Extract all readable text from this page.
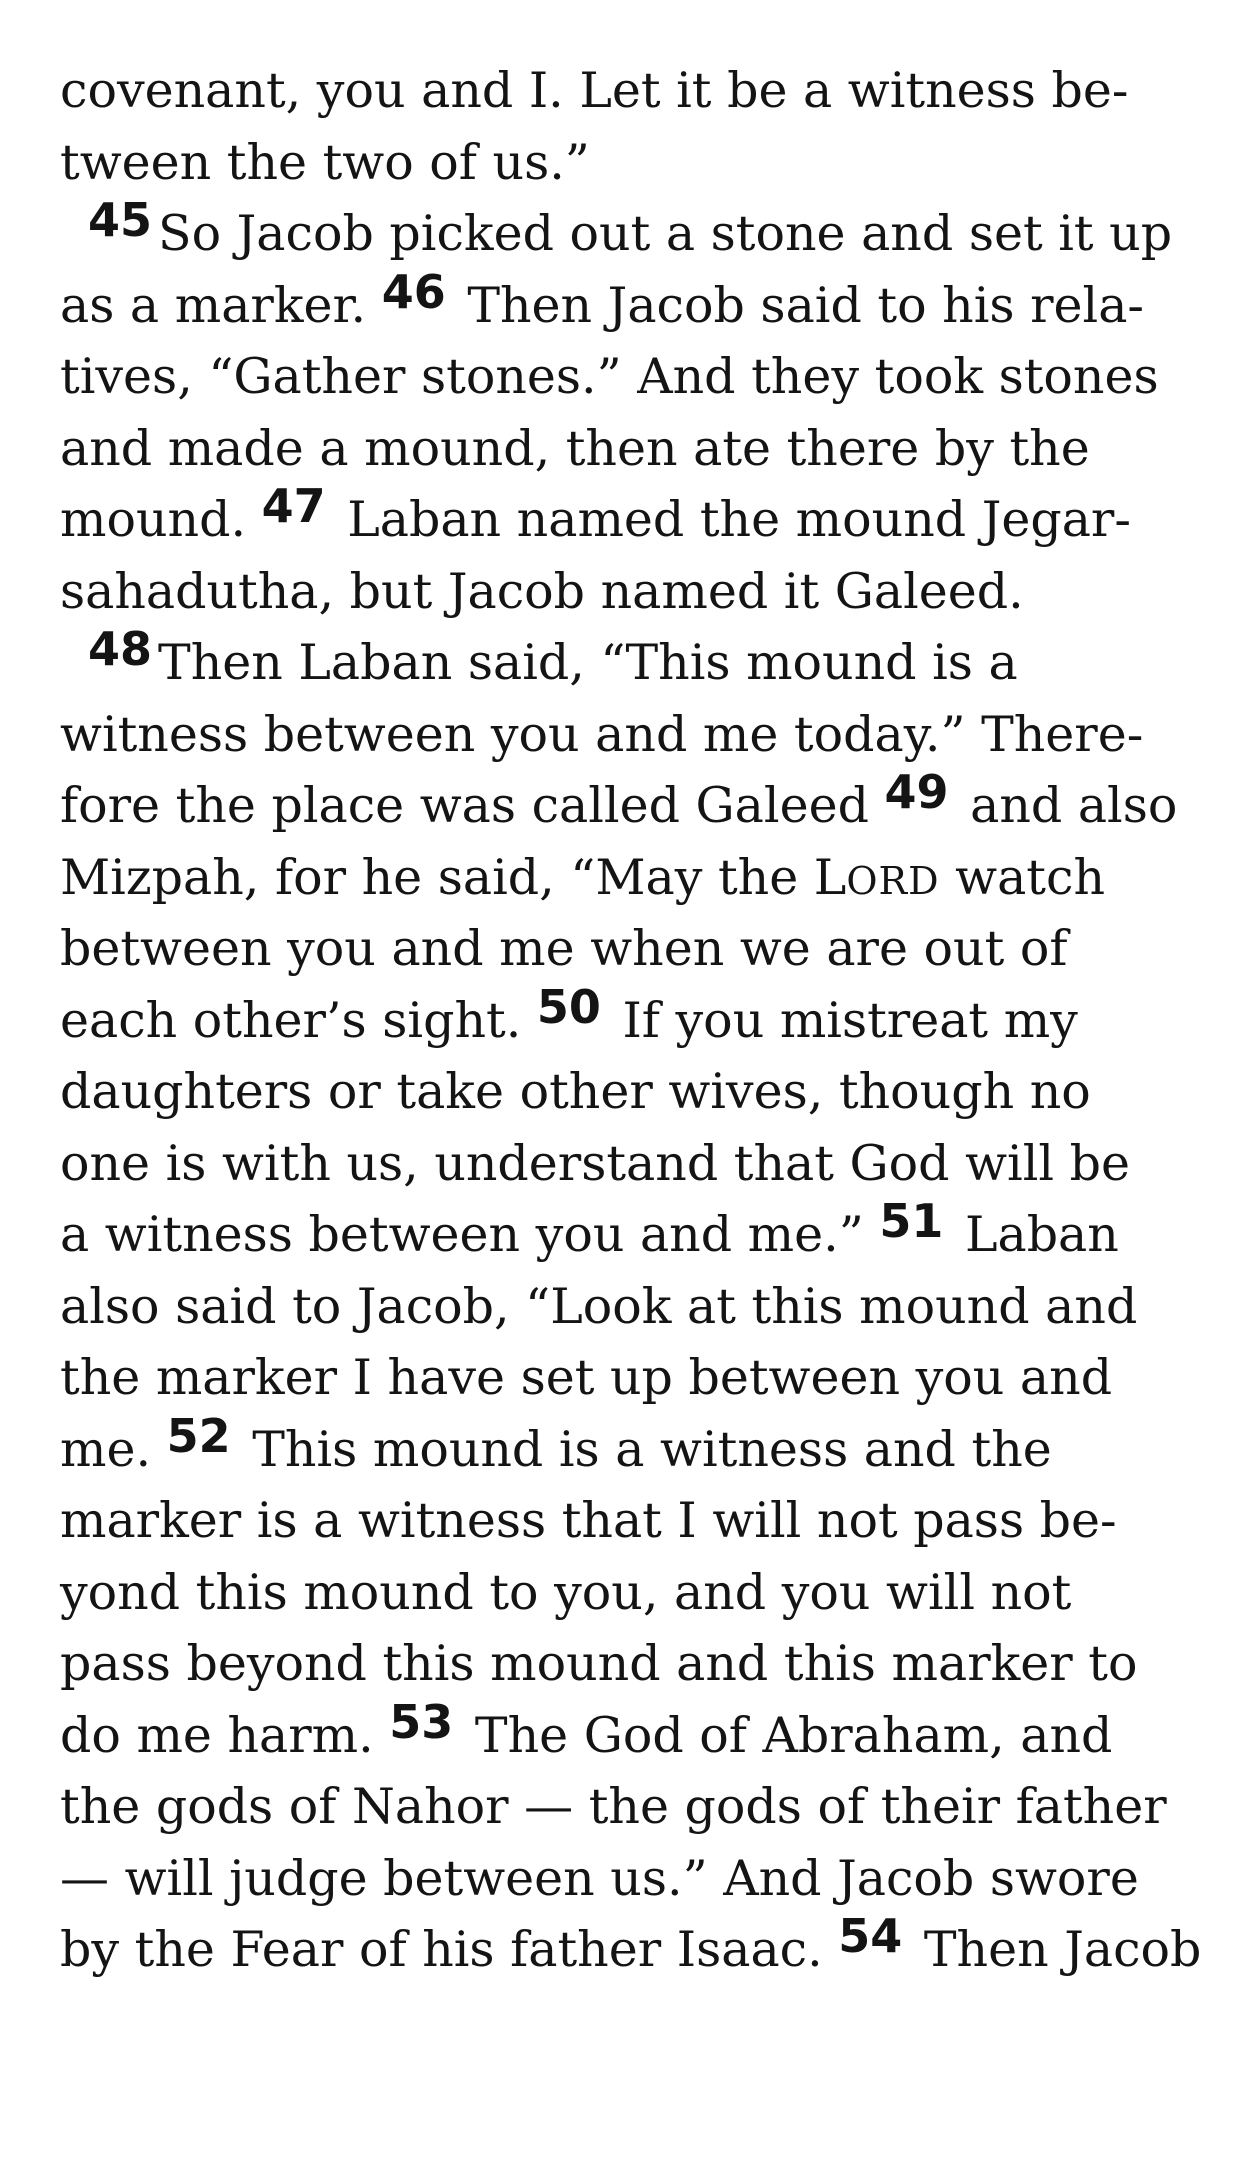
covenant, you and I. Let it be a witness be-
tween the two of us.”
45 So Jacob picked out a stone and set it up
as a marker. 46 Then Jacob said to his rela-
tives, “Gather stones.” And they took stones
and made a mound, then ate there by the
mound. 47 Laban named the mound Jegar-
sahadutha, but Jacob named it Galeed.
48 Then Laban said, “This mound is a
witness between you and me today.” There-
fore the place was called Galeed 49 and also
Mizpah, for he said, “May the LORD watch
between you and me when we are out of
each other’s sight. 50 If you mistreat my
daughters or take other wives, though no
one is with us, understand that God will be
a witness between you and me.” 51 Laban
also said to Jacob, “Look at this mound and
the marker I have set up between you and
me. 52 This mound is a witness and the
marker is a witness that I will not pass be-
yond this mound to you, and you will not
pass beyond this mound and this marker to
do me harm. 53 The God of Abraham, and
the gods of Nahor — the gods of their father
— will judge between us.” And Jacob swore
by the Fear of his father Isaac. 54 Then Jacob
